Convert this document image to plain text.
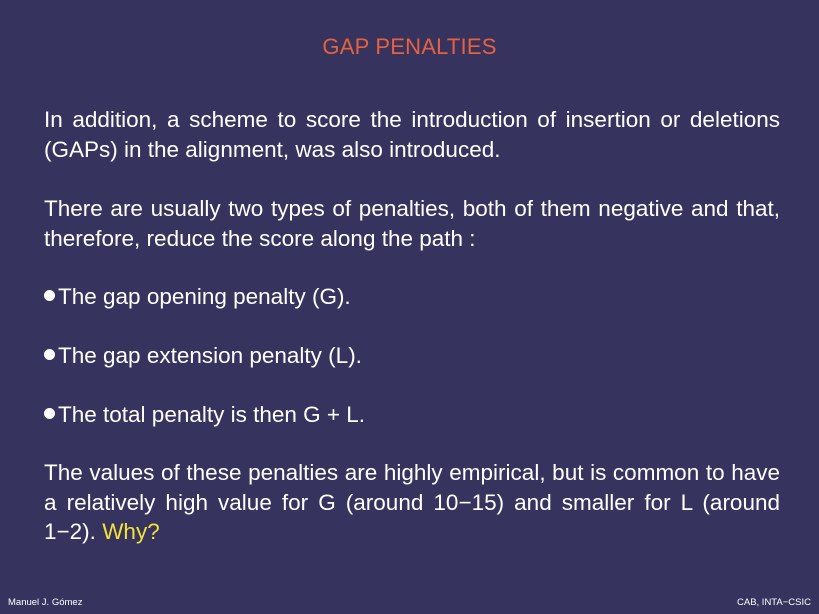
GAP PENALTIES
In addition, a scheme to score the introduction of insertion or deletions (GAPs) in the alignment, was also introduced.
There are usually two types of penalties, both of them negative and that, therefore, reduce the score along the path :
The gap opening penalty (G).
The gap extension penalty (L).
The total penalty is then G + L.
The values of these penalties are highly empirical, but is common to have a relatively high value for G (around 10−15) and smaller for L (around 1−2). Why?
Manuel J. Gómez	CAB, INTA−CSIC
